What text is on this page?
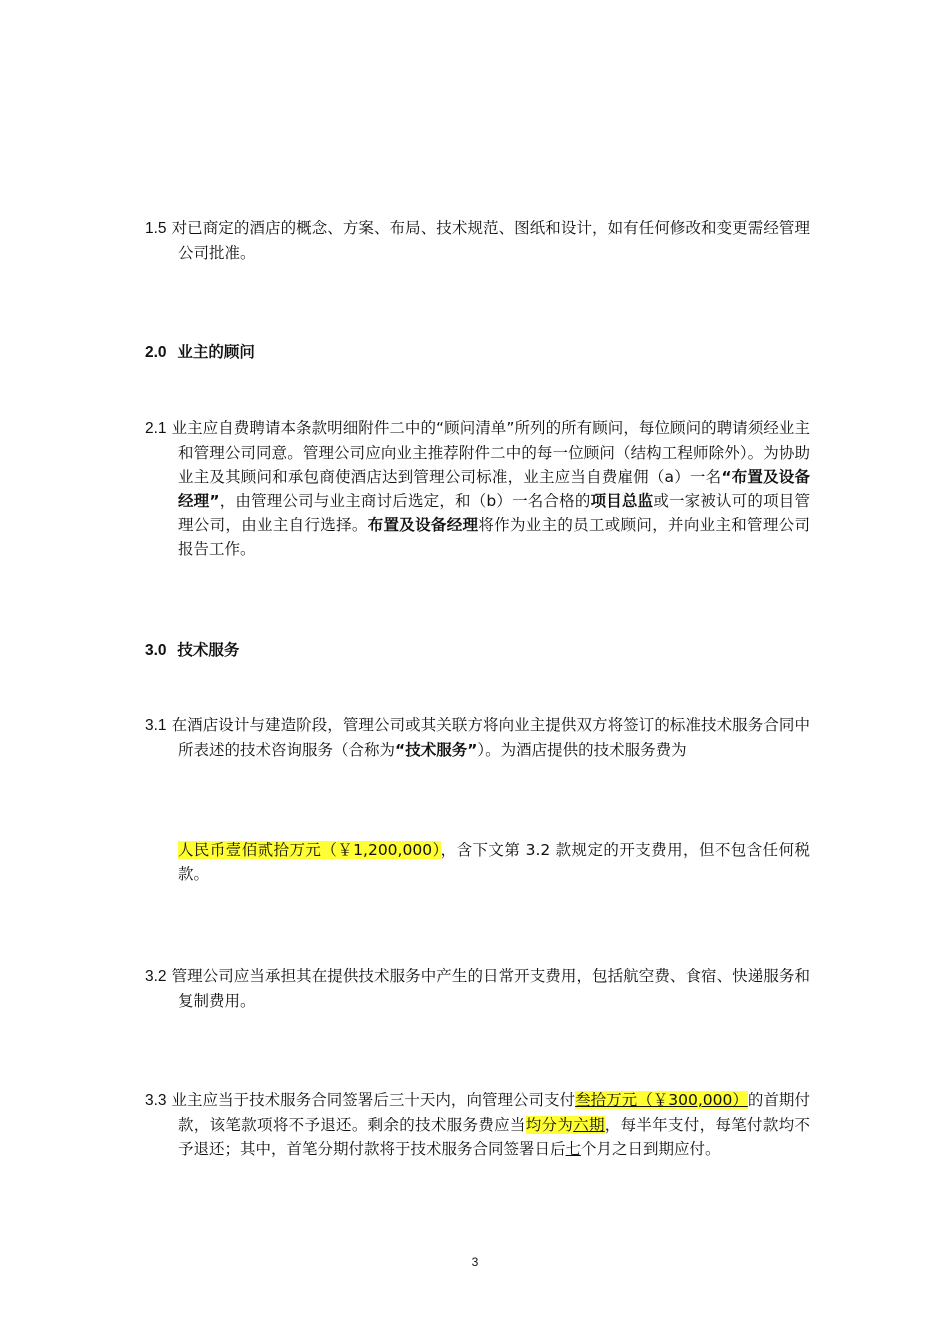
1.5 对已商定的酒店的概念、方案、布局、技术规范、图纸和设计，如有任何修改和变更需经管理公司批准。

2.0 业主的顾问

2.1 业主应自费聘请本条款明细附件二中的“顾问清单”所列的所有顾问，每位顾问的聘请须经业主和管理公司同意。管理公司应向业主推荐附件二中的每一位顾问（结构工程师除外）。为协助业主及其顾问和承包商使酒店达到管理公司标准，业主应当自费雇佣（a）一名“布置及设备经理”，由管理公司与业主商讨后选定，和（b）一名合格的项目总监或一家被认可的项目管理公司，由业主自行选择。布置及设备经理将作为业主的员工或顾问，并向业主和管理公司报告工作。

3.0 技术服务

3.1 在酒店设计与建造阶段，管理公司或其关联方将向业主提供双方将签订的标准技术服务合同中所表述的技术咨询服务（合称为“技术服务”）。为酒店提供的技术服务费为

人民币壹佰贰拾万元（￥1,200,000），含下文第 3.2 款规定的开支费用，但不包含任何税款。

3.2 管理公司应当承担其在提供技术服务中产生的日常开支费用，包括航空费、食宿、快递服务和复制费用。

3.3 业主应当于技术服务合同签署后三十天内，向管理公司支付叁拾万元（￥300,000）的首期付款，该笔款项将不予退还。剩余的技术服务费应当均分为六期，每半年支付，每笔付款均不予退还；其中，首笔分期付款将于技术服务合同签署日后七个月之日到期应付。

3
